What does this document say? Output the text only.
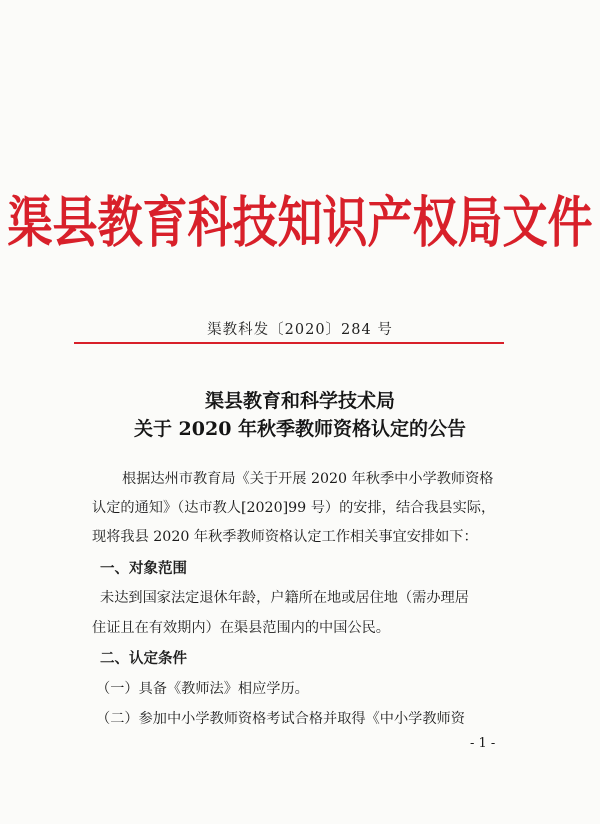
渠县教育科技知识产权局文件
渠教科发〔2020〕284 号
渠县教育和科学技术局
关于 2020 年秋季教师资格认定的公告
根据达州市教育局《关于开展 2020 年秋季中小学教师资格
认定的通知》（达市教人[2020]99 号）的安排，结合我县实际，
现将我县 2020 年秋季教师资格认定工作相关事宜安排如下：
一、对象范围
未达到国家法定退休年龄，户籍所在地或居住地（需办理居
住证且在有效期内）在渠县范围内的中国公民。
二、认定条件
（一）具备《教师法》相应学历。
（二）参加中小学教师资格考试合格并取得《中小学教师资
- 1 -
